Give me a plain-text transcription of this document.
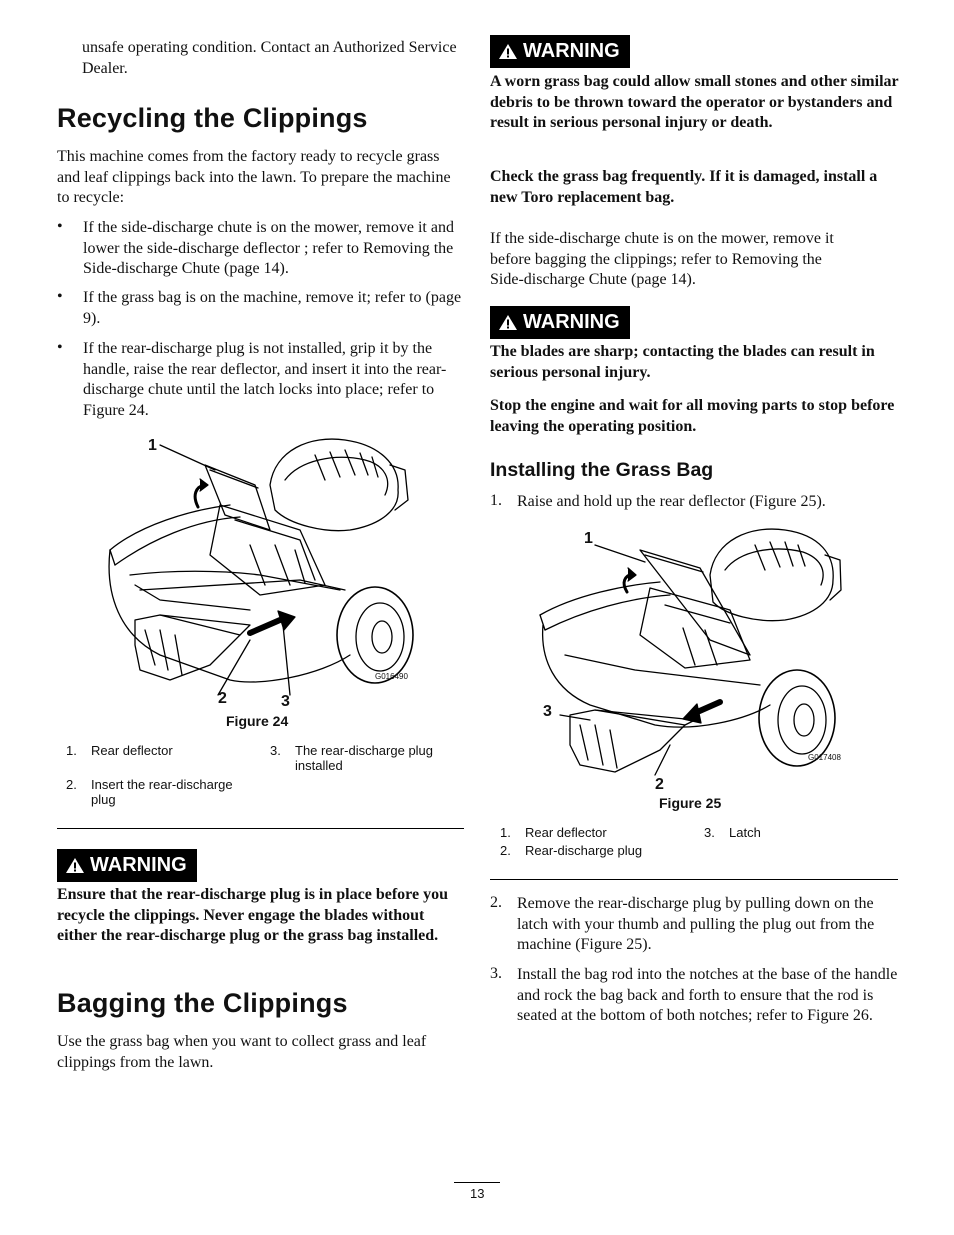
unsafe operating condition. Contact an Authorized Service Dealer.

Recycling the Clippings

This machine comes from the factory ready to recycle grass and leaf clippings back into the lawn. To prepare the machine to recycle:

• If the side-discharge chute is on the mower, remove it and lower the side-discharge deflector ; refer to Removing the Side-discharge Chute (page 14).

• If the grass bag is on the machine, remove it; refer to (page 9).

• If the rear-discharge plug is not installed, grip it by the handle, raise the rear deflector, and insert it into the rear-discharge chute until the latch locks into place; refer to Figure 24.

1
2	3
G016490
Figure 24
1. Rear deflector
2. Insert the rear-discharge plug
3. The rear-discharge plug installed
WARNING

Ensure that the rear-discharge plug is in place before you recycle the clippings. Never engage the blades without either the rear-discharge plug or the grass bag installed.

Bagging the Clippings

Use the grass bag when you want to collect grass and leaf clippings from the lawn.

WARNING

A worn grass bag could allow small stones and other similar debris to be thrown toward the operator or bystanders and result in serious personal injury or death.

Check the grass bag frequently. If it is damaged, install a new Toro replacement bag.

If the side-discharge chute is on the mower, remove it before bagging the clippings; refer to Removing the Side-discharge Chute (page 14).

WARNING

The blades are sharp; contacting the blades can result in serious personal injury.

Stop the engine and wait for all moving parts to stop before leaving the operating position.

Installing the Grass Bag
1. Raise and hold up the rear deflector (Figure 25).

1
3
2
G017408
Figure 25
1. Rear deflector
2. Rear-discharge plug
3. Latch
2. Remove the rear-discharge plug by pulling down on the latch with your thumb and pulling the plug out from the machine (Figure 25).

3. Install the bag rod into the notches at the base of the handle and rock the bag back and forth to ensure that the rod is seated at the bottom of both notches; refer to Figure 26.

13
